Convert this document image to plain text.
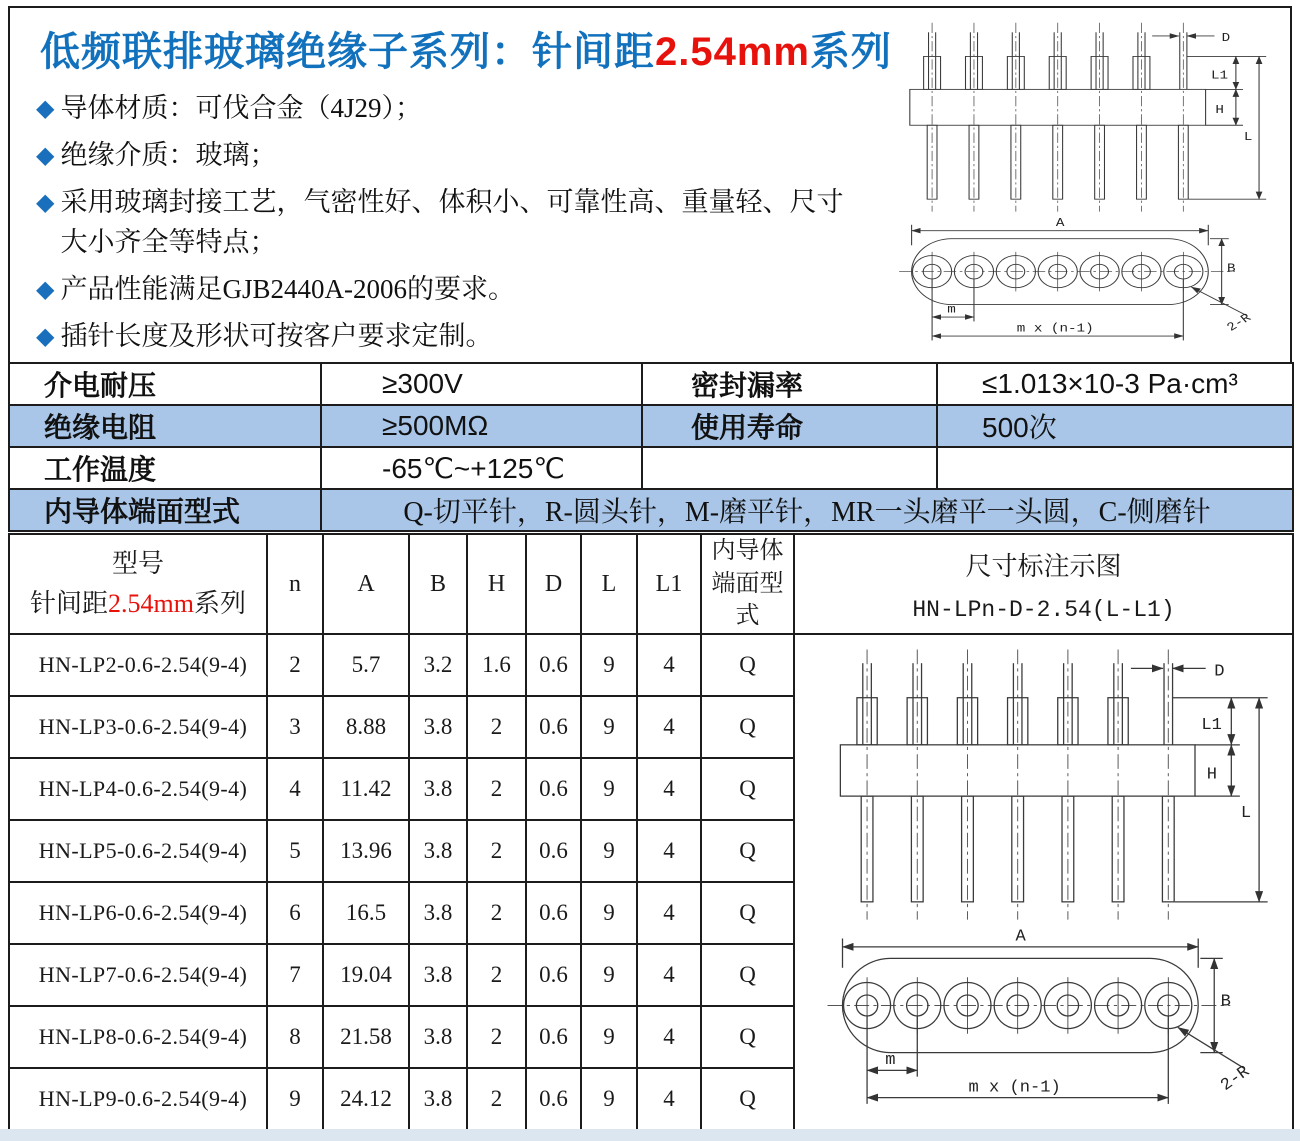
低频联排玻璃绝缘子系列：针间距2.54mm系列
◆ 导体材质：可伐合金（4J29）；
◆ 绝缘介质：玻璃；
◆ 采用玻璃封接工艺，气密性好、体积小、可靠性高、重量轻、尺寸大小齐全等特点；
◆ 产品性能满足GJB2440A-2006的要求。
◆ 插针长度及形状可按客户要求定制。
D
L1
H
L
A
B
2-R
m
m x (n-1)
介电耐压	≥300V	密封漏率	≤1.013×10-3 Pa·cm³
绝缘电阻	≥500MΩ	使用寿命	500次
工作温度	-65℃~+125℃		
内导体端面型式	Q-切平针，R-圆头针，M-磨平针，MR一头磨平一头圆，C-侧磨针		
型号
针间距2.54mm系列
	n	A	B	H	D	L	L1	内导体端面型式	
尺寸标注示图
HN-LPn-D-2.54(L-L1)

HN-LP2-0.6-2.54(9-4)	2	5.7	3.2	1.6	0.6	9	4	Q	D
L1
H
L
A
B
2-R
m
m x (n-1)

HN-LP3-0.6-2.54(9-4)	3	8.88	3.8	2	0.6	9	4	Q	
HN-LP4-0.6-2.54(9-4)	4	11.42	3.8	2	0.6	9	4	Q	
HN-LP5-0.6-2.54(9-4)	5	13.96	3.8	2	0.6	9	4	Q	
HN-LP6-0.6-2.54(9-4)	6	16.5	3.8	2	0.6	9	4	Q	
HN-LP7-0.6-2.54(9-4)	7	19.04	3.8	2	0.6	9	4	Q	
HN-LP8-0.6-2.54(9-4)	8	21.58	3.8	2	0.6	9	4	Q	
HN-LP9-0.6-2.54(9-4)	9	24.12	3.8	2	0.6	9	4	Q	
